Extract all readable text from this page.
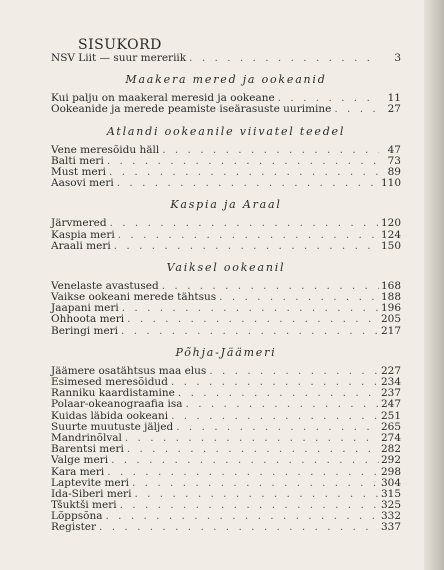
SISUKORD
NSV Liit — suur mereriik . . .	3
Maakera mered ja ookeanid
Kui palju on maakeral meresid ja ookeane . . .	11
Ookeanide ja merede peamiste iseärasuste uurimine . . .	27
Atlandi ookeanile viivatel teedel
Vene meresõidu häll . . .	47
Balti meri . . .	73
Must meri . . .	89
Aasovi meri . . .	110
Kaspia ja Araal
Järvmered . . .	120
Kaspia meri . . .	124
Araali meri . . .	150
Vaiksel ookeanil
Venelaste avastused . . .	168
Vaikse ookeani merede tähtsus . . .	188
Jaapani meri . . .	196
Ohhoota meri . . .	205
Beringi meri . . .	217
Põhja-Jäämeri
Jäämere osatähtsus maa elus . . .	227
Esimesed meresõidud . . .	234
Ranniku kaardistamine . . .	237
Polaar-okeanograafia isa . . .	247
Kuidas läbida ookeani . . .	251
Suurte muutuste jäljed . . .	265
Mandrinõlval . . .	274
Barentsi meri . . .	282
Valge meri . . .	292
Kara meri . . .	298
Laptevite meri . . .	304
Ida-Siberi meri . . .	315
Tšuktši meri . . .	325
Lõppsõna . . .	332
Register . . .	337
